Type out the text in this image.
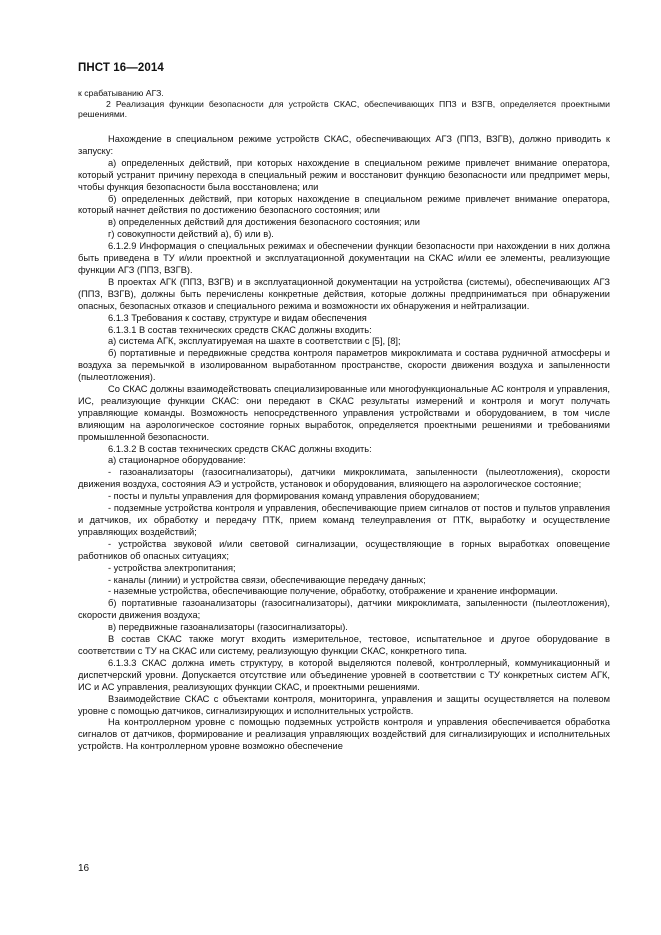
ПНСТ 16—2014

к срабатыванию АГЗ.

2 Реализация функции безопасности для устройств СКАС, обеспечивающих ППЗ и ВЗГВ, определяется проектными решениями.

Нахождение в специальном режиме устройств СКАС, обеспечивающих АГЗ (ППЗ, ВЗГВ), должно приводить к запуску:

а) определенных действий, при которых нахождение в специальном режиме привлечет внимание оператора, который устранит причину перехода в специальный режим и восстановит функцию безопасности или предпримет меры, чтобы функция безопасности была восстановлена; или

б) определенных действий, при которых нахождение в специальном режиме привлечет внимание оператора, который начнет действия по достижению безопасного состояния; или

в) определенных действий для достижения безопасного состояния; или

г) совокупности действий а), б) или в).

6.1.2.9 Информация о специальных режимах и обеспечении функции безопасности при нахождении в них должна быть приведена в ТУ и/или проектной и эксплуатационной документации на СКАС и/или ее элементы, реализующие функции АГЗ (ППЗ, ВЗГВ).

В проектах АГК (ППЗ, ВЗГВ) и в эксплуатационной документации на устройства (системы), обеспечивающих АГЗ (ППЗ, ВЗГВ), должны быть перечислены конкретные действия, которые должны предприниматься при обнаружении опасных, безопасных отказов и специального режима и возможности их обнаружения и нейтрализации.

6.1.3 Требования к составу, структуре и видам обеспечения

6.1.3.1 В состав технических средств СКАС должны входить:

а) система АГК, эксплуатируемая на шахте в соответствии с [5], [8];

б) портативные и передвижные средства контроля параметров микроклимата и состава рудничной атмосферы и воздуха за перемычкой в изолированном выработанном пространстве, скорости движения воздуха и запыленности (пылеотложения).

Со СКАС должны взаимодействовать специализированные или многофункциональные АС контроля и управления, ИС, реализующие функции СКАС: они передают в СКАС результаты измерений и контроля и могут получать управляющие команды. Возможность непосредственного управления устройствами и оборудованием, в том числе влияющим на аэрологическое состояние горных выработок, определяется проектными решениями и требованиями промышленной безопасности.

6.1.3.2 В состав технических средств СКАС должны входить:

а) стационарное оборудование:

- газоанализаторы (газосигнализаторы), датчики микроклимата, запыленности (пылеотложения), скорости движения воздуха, состояния АЭ и устройств, установок и оборудования, влияющего на аэрологическое состояние;

- посты и пульты управления для формирования команд управления оборудованием;

- подземные устройства контроля и управления, обеспечивающие прием сигналов от постов и пультов управления и датчиков, их обработку и передачу ПТК, прием команд телеуправления от ПТК, выработку и осуществление управляющих воздействий;

- устройства звуковой и/или световой сигнализации, осуществляющие в горных выработках оповещение работников об опасных ситуациях;

- устройства электропитания;

- каналы (линии) и устройства связи, обеспечивающие передачу данных;

- наземные устройства, обеспечивающие получение, обработку, отображение и хранение информации.

б) портативные газоанализаторы (газосигнализаторы), датчики микроклимата, запыленности (пылеотложения), скорости движения воздуха;

в) передвижные газоанализаторы (газосигнализаторы).

В состав СКАС также могут входить измерительное, тестовое, испытательное и другое оборудование в соответствии с ТУ на СКАС или систему, реализующую функции СКАС, конкретного типа.

6.1.3.3 СКАС должна иметь структуру, в которой выделяются полевой, контроллерный, коммуникационный и диспетчерский уровни. Допускается отсутствие или объединение уровней в соответствии с ТУ конкретных систем АГК, ИС и АС управления, реализующих функции СКАС, и проектными решениями.

Взаимодействие СКАС с объектами контроля, мониторинга, управления и защиты осуществляется на полевом уровне с помощью датчиков, сигнализирующих и исполнительных устройств.

На контроллерном уровне с помощью подземных устройств контроля и управления обеспечивается обработка сигналов от датчиков, формирование и реализация управляющих воздействий для сигнализирующих и исполнительных устройств. На контроллерном уровне возможно обеспечение

16
